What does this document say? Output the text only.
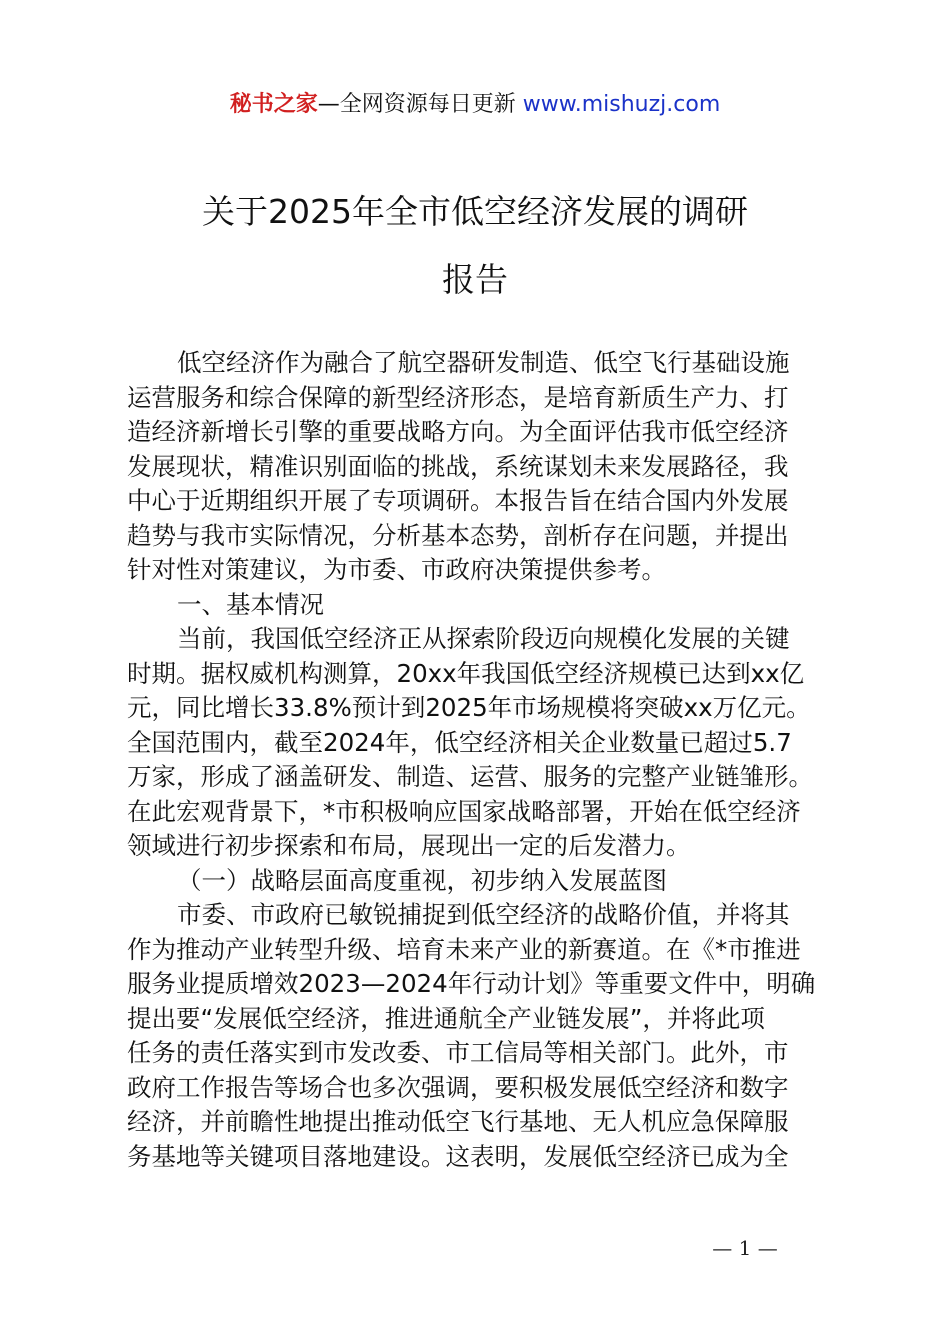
秘书之家—全网资源每日更新 www.mishuzj.com
关于2025年全市低空经济发展的调研
报告
低空经济作为融合了航空器研发制造、低空飞行基础设施
运营服务和综合保障的新型经济形态，是培育新质生产力、打
造经济新增长引擎的重要战略方向。为全面评估我市低空经济
发展现状，精准识别面临的挑战，系统谋划未来发展路径，我
中心于近期组织开展了专项调研。本报告旨在结合国内外发展
趋势与我市实际情况，分析基本态势，剖析存在问题，并提出
针对性对策建议，为市委、市政府决策提供参考。
一、基本情况
当前，我国低空经济正从探索阶段迈向规模化发展的关键
时期。据权威机构测算，20xx年我国低空经济规模已达到xx亿
元，同比增长33.8%预计到2025年市场规模将突破xx万亿元。
全国范围内，截至2024年，低空经济相关企业数量已超过5.7
万家，形成了涵盖研发、制造、运营、服务的完整产业链雏形。
在此宏观背景下，*市积极响应国家战略部署，开始在低空经济
领域进行初步探索和布局，展现出一定的后发潜力。
（一）战略层面高度重视，初步纳入发展蓝图
市委、市政府已敏锐捕捉到低空经济的战略价值，并将其
作为推动产业转型升级、培育未来产业的新赛道。在《*市推进
服务业提质增效2023—2024年行动计划》等重要文件中，明确
提出要“发展低空经济，推进通航全产业链发展”，并将此项
任务的责任落实到市发改委、市工信局等相关部门。此外，市
政府工作报告等场合也多次强调，要积极发展低空经济和数字
经济，并前瞻性地提出推动低空飞行基地、无人机应急保障服
务基地等关键项目落地建设。这表明，发展低空经济已成为全
— 1 —
